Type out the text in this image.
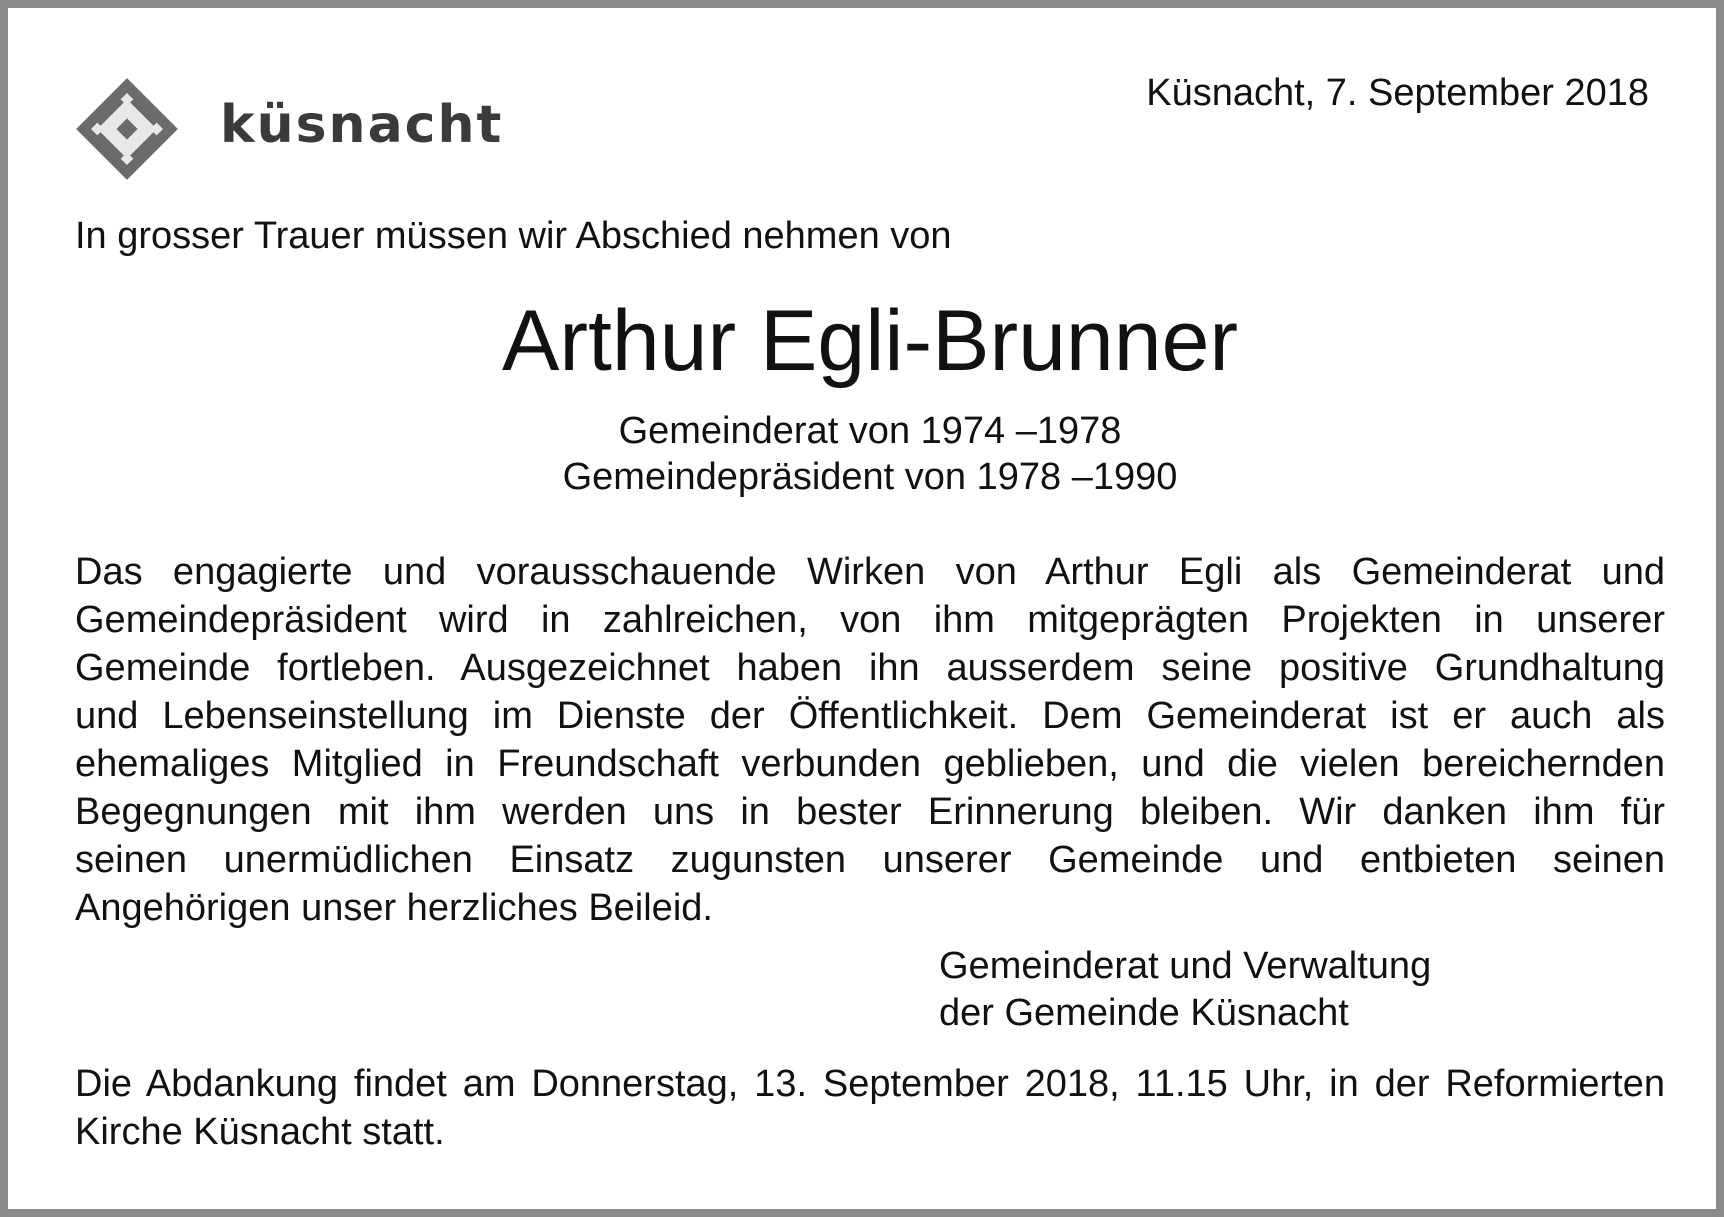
küsnacht
Küsnacht, 7. September 2018
In grosser Trauer müssen wir Abschied nehmen von
Arthur Egli-Brunner
Gemeinderat von 1974 –1978
Gemeindepräsident von 1978 –1990
Das engagierte und vorausschauende Wirken von Arthur Egli als Gemeinderat und
Gemeindepräsident wird in zahlreichen, von ihm mitgeprägten Projekten in unserer
Gemeinde fortleben. Ausgezeichnet haben ihn ausserdem seine positive Grundhaltung
und Lebenseinstellung im Dienste der Öffentlichkeit. Dem Gemeinderat ist er auch als
ehemaliges Mitglied in Freundschaft verbunden geblieben, und die vielen bereichernden
Begegnungen mit ihm werden uns in bester Erinnerung bleiben. Wir danken ihm für
seinen unermüdlichen Einsatz zugunsten unserer Gemeinde und entbieten seinen
Angehörigen unser herzliches Beileid.
Gemeinderat und Verwaltung
der Gemeinde Küsnacht
Die Abdankung findet am Donnerstag, 13. September 2018, 11.15 Uhr, in der Reformierten
Kirche Küsnacht statt.
